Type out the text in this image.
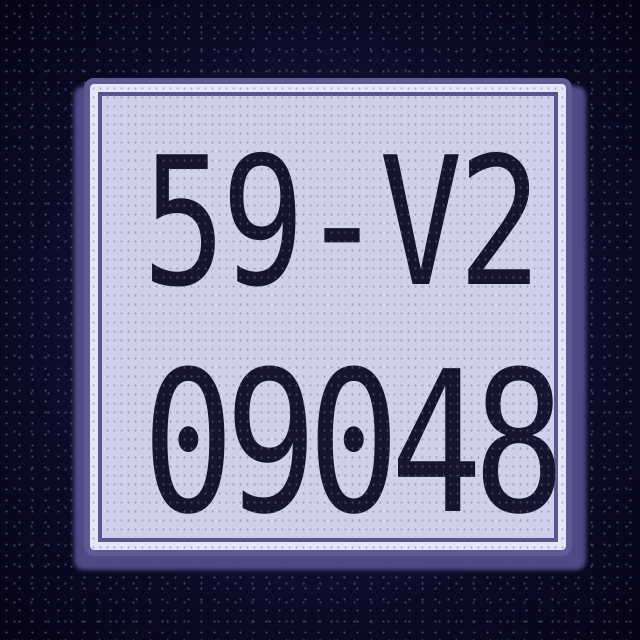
59-V2
09048
